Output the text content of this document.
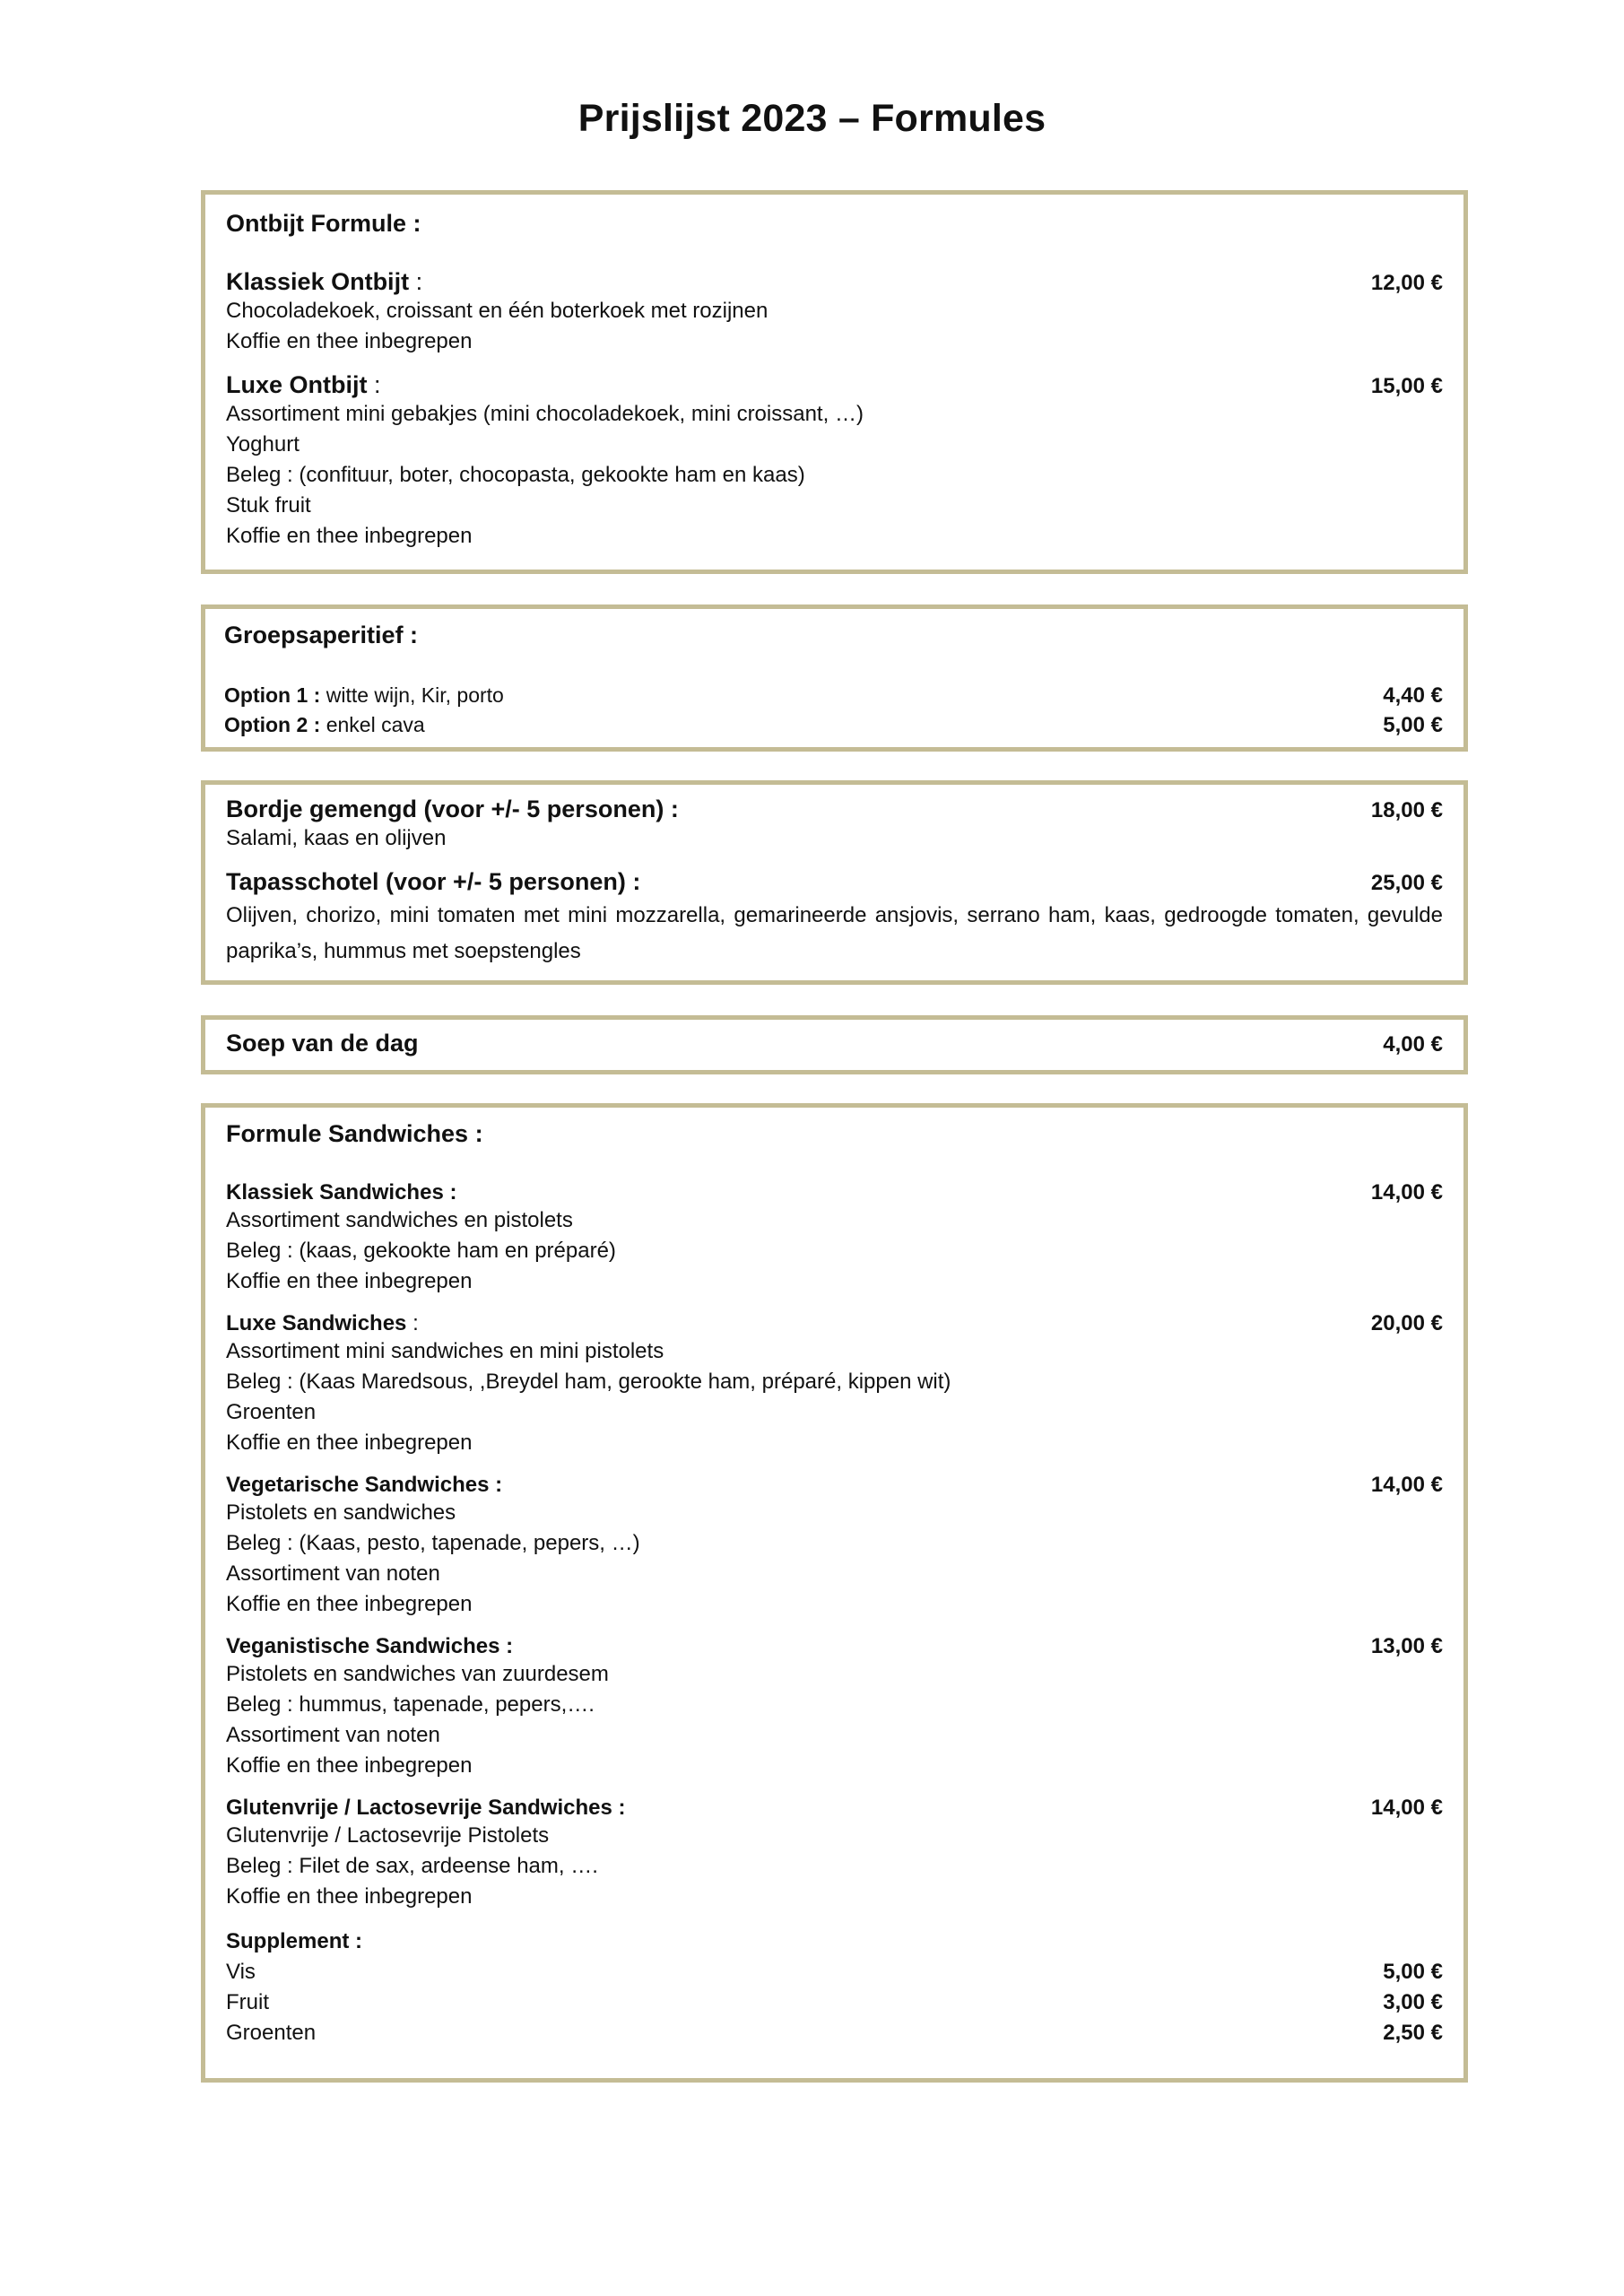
Prijslijst 2023 – Formules
Ontbijt Formule :
Klassiek Ontbijt :	12,00 €
Chocoladekoek, croissant en één boterkoek met rozijnen
Koffie en thee inbegrepen
Luxe Ontbijt :	15,00 €
Assortiment mini gebakjes (mini chocoladekoek, mini croissant, …)
Yoghurt
Beleg : (confituur, boter, chocopasta, gekookte ham en kaas)
Stuk fruit
Koffie en thee inbegrepen
Groepsaperitief :
Option 1 : witte wijn, Kir, porto	4,40 €
Option 2 : enkel cava	5,00 €
Bordje gemengd (voor +/- 5 personen) :	18,00 €
Salami, kaas en olijven
Tapasschotel (voor +/- 5 personen) :	25,00 €
Olijven, chorizo, mini tomaten met mini mozzarella, gemarineerde ansjovis, serrano ham, kaas, gedroogde tomaten, gevulde paprika’s, hummus met soepstengles
Soep van de dag	4,00 €
Formule Sandwiches :
Klassiek Sandwiches :	14,00 €
Assortiment sandwiches en pistolets
Beleg : (kaas, gekookte ham en préparé)
Koffie en thee inbegrepen
Luxe Sandwiches :	20,00 €
Assortiment mini sandwiches en mini pistolets
Beleg : (Kaas Maredsous, ,Breydel ham, gerookte ham, préparé, kippen wit)
Groenten
Koffie en thee inbegrepen
Vegetarische Sandwiches :	14,00 €
Pistolets en sandwiches
Beleg : (Kaas, pesto, tapenade, pepers, …)
Assortiment van noten
Koffie en thee inbegrepen
Veganistische Sandwiches :	13,00 €
Pistolets en sandwiches van zuurdesem
Beleg : hummus, tapenade, pepers,….
Assortiment van noten
Koffie en thee inbegrepen
Glutenvrije / Lactosevrije Sandwiches :	14,00 €
Glutenvrije / Lactosevrije Pistolets
Beleg : Filet de sax, ardeense ham, ….
Koffie en thee inbegrepen
Supplement :
Vis	5,00 €
Fruit	3,00 €
Groenten	2,50 €
